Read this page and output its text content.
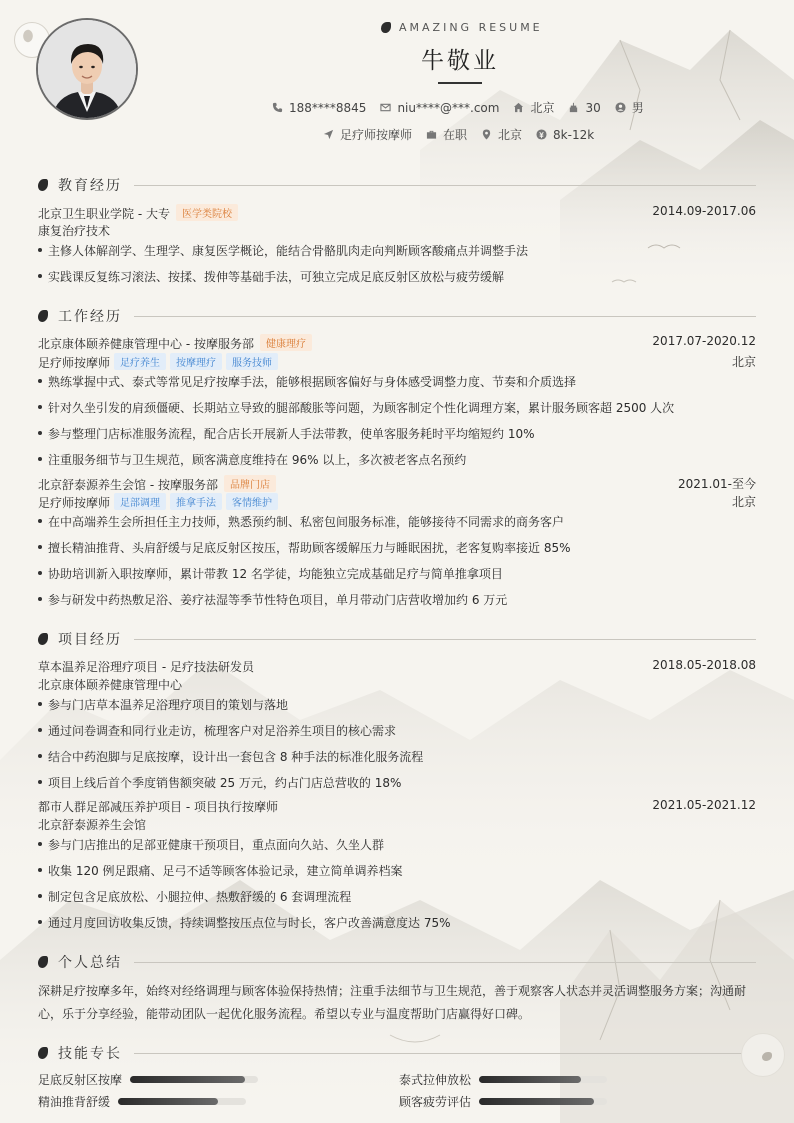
AMAZING RESUME
牛敬业
188****8845	niu****@***.com	北京	30	男
足疗师按摩师	在职	北京	8k-12k
教育经历
北京卫生职业学院 - 大专 医学类院校	2014.09-2017.06
康复治疗技术
主修人体解剖学、生理学、康复医学概论，能结合骨骼肌肉走向判断顾客酸痛点并调整手法
实践课反复练习滚法、按揉、拨伸等基础手法，可独立完成足底反射区放松与疲劳缓解
工作经历
北京康体颐养健康管理中心 - 按摩服务部 健康理疗	2017.07-2020.12
足疗师按摩师 足疗养生 按摩理疗 服务技师	北京
熟练掌握中式、泰式等常见足疗按摩手法，能够根据顾客偏好与身体感受调整力度、节奏和介质选择
针对久坐引发的肩颈僵硬、长期站立导致的腿部酸胀等问题，为顾客制定个性化调理方案，累计服务顾客超 2500 人次
参与整理门店标准服务流程，配合店长开展新人手法带教，使单客服务耗时平均缩短约 10%
注重服务细节与卫生规范，顾客满意度维持在 96% 以上，多次被老客点名预约
北京舒泰源养生会馆 - 按摩服务部 品牌门店	2021.01-至今
足疗师按摩师 足部调理 推拿手法 客情维护	北京
在中高端养生会所担任主力技师，熟悉预约制、私密包间服务标准，能够接待不同需求的商务客户
擅长精油推背、头肩舒缓与足底反射区按压，帮助顾客缓解压力与睡眠困扰，老客复购率接近 85%
协助培训新入职按摩师，累计带教 12 名学徒，均能独立完成基础足疗与简单推拿项目
参与研发中药热敷足浴、姜疗祛湿等季节性特色项目，单月带动门店营收增加约 6 万元
项目经历
草本温养足浴理疗项目 - 足疗技法研发员	2018.05-2018.08
北京康体颐养健康管理中心
参与门店草本温养足浴理疗项目的策划与落地
通过问卷调查和同行业走访，梳理客户对足浴养生项目的核心需求
结合中药泡脚与足底按摩，设计出一套包含 8 种手法的标准化服务流程
项目上线后首个季度销售额突破 25 万元，约占门店总营收的 18%
都市人群足部减压养护项目 - 项目执行按摩师	2021.05-2021.12
北京舒泰源养生会馆
参与门店推出的足部亚健康干预项目，重点面向久站、久坐人群
收集 120 例足跟痛、足弓不适等顾客体验记录，建立简单调养档案
制定包含足底放松、小腿拉伸、热敷舒缓的 6 套调理流程
通过月度回访收集反馈，持续调整按压点位与时长，客户改善满意度达 75%
个人总结
深耕足疗按摩多年，始终对经络调理与顾客体验保持热情；注重手法细节与卫生规范，善于观察客人状态并灵活调整服务方案；沟通耐心，乐于分享经验，能带动团队一起优化服务流程。希望以专业与温度帮助门店赢得好口碑。
技能专长
足底反射区按摩	泰式拉伸放松
精油推背舒缓	顾客疲劳评估
